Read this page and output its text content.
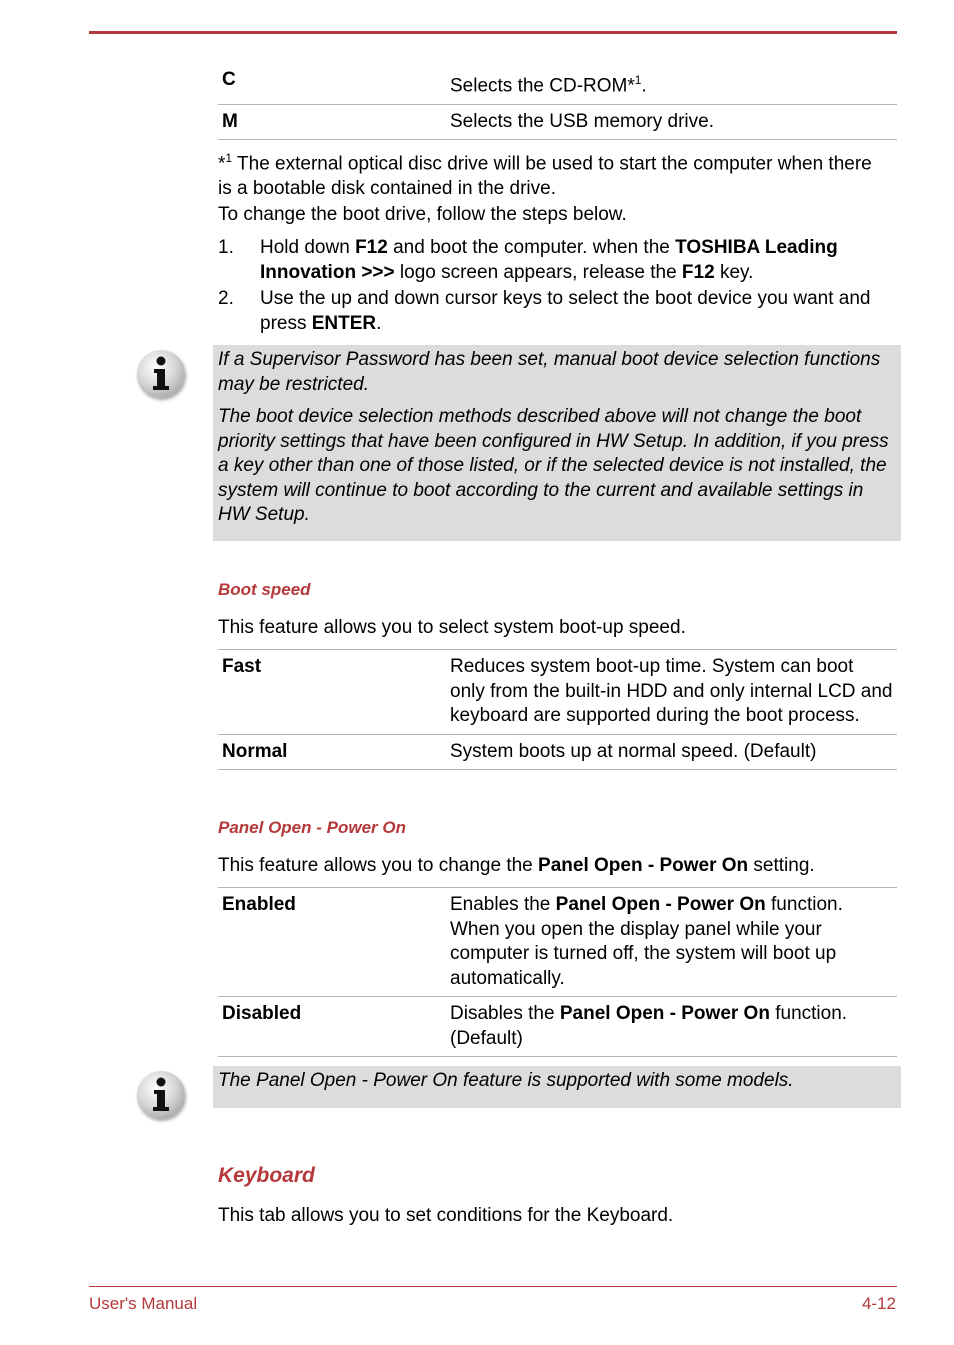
C	Selects the CD-ROM*$^1$.
M	Selects the USB memory drive.

*$^1$ The external optical disc drive will be used to start the computer when there is a bootable disk contained in the drive.

To change the boot drive, follow the steps below.

1. Hold down F12 and boot the computer. when the TOSHIBA Leading Innovation >>> logo screen appears, release the F12 key.
2. Use the up and down cursor keys to select the boot device you want and press ENTER.

If a Supervisor Password has been set, manual boot device selection functions may be restricted.

The boot device selection methods described above will not change the boot priority settings that have been configured in HW Setup. In addition, if you press a key other than one of those listed, or if the selected device is not installed, the system will continue to boot according to the current and available settings in HW Setup.

Boot speed

This feature allows you to select system boot-up speed.

Fast	Reduces system boot-up time. System can boot only from the built-in HDD and only internal LCD and keyboard are supported during the boot process.
Normal	System boots up at normal speed. (Default)
Panel Open - Power On

This feature allows you to change the Panel Open - Power On setting.

Enabled	Enables the Panel Open - Power On function. When you open the display panel while your computer is turned off, the system will boot up automatically.
Disabled	Disables the Panel Open - Power On function. (Default)

The Panel Open - Power On feature is supported with some models.

Keyboard

This tab allows you to set conditions for the Keyboard.

User's Manual	4-12
